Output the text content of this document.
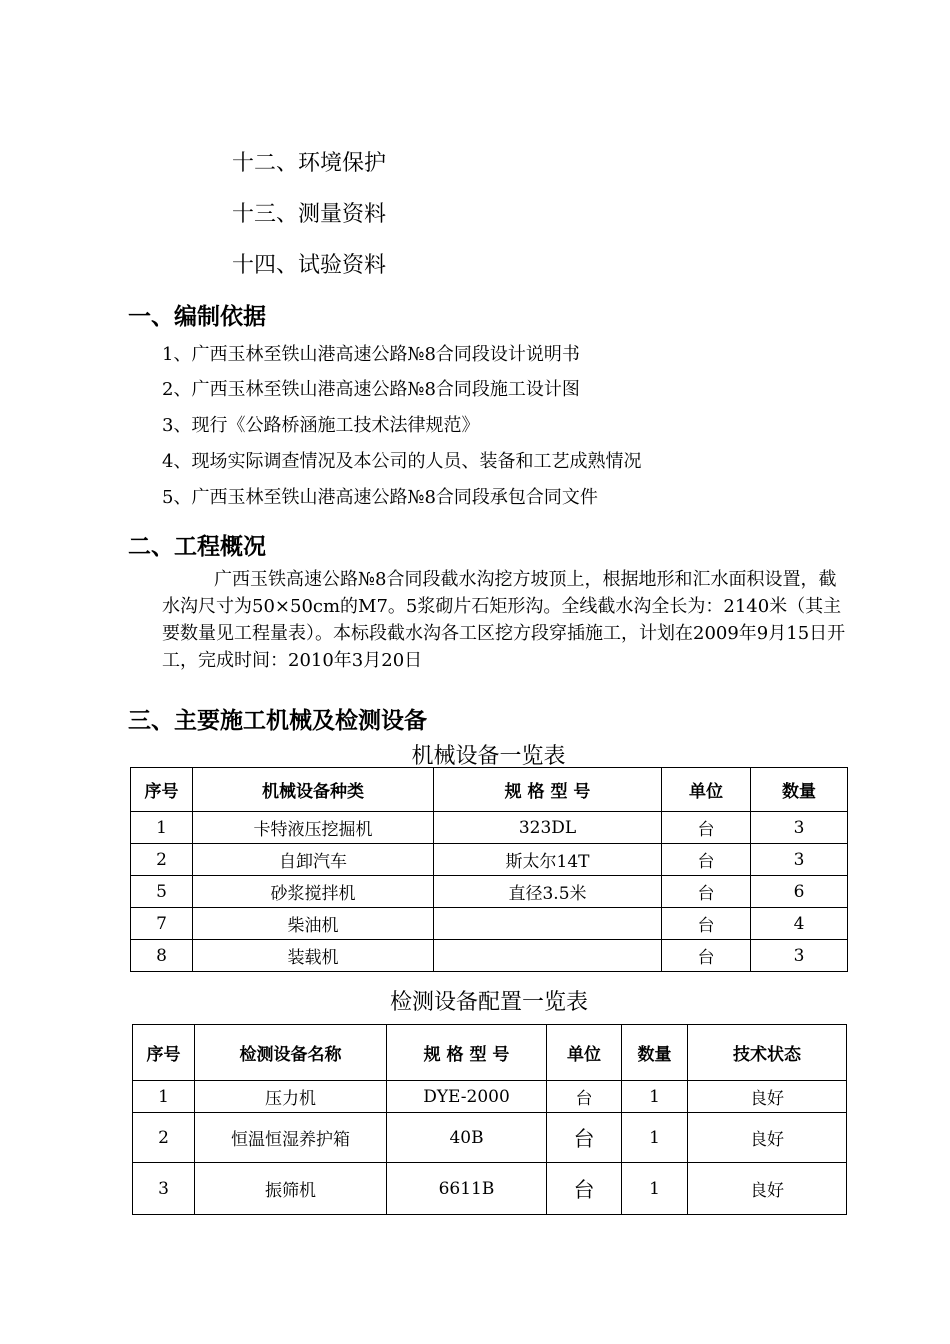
十二、环境保护
十三、测量资料
十四、试验资料
一、编制依据
1、广西玉林至铁山港高速公路№8合同段设计说明书
2、广西玉林至铁山港高速公路№8合同段施工设计图
3、现行《公路桥涵施工技术法律规范》
4、现场实际调查情况及本公司的人员、装备和工艺成熟情况
5、广西玉林至铁山港高速公路№8合同段承包合同文件
二、工程概况
广西玉铁高速公路№8合同段截水沟挖方坡顶上，根据地形和汇水面积设置，截水沟尺寸为50×50cm的M7。5浆砌片石矩形沟。全线截水沟全长为：2140米（其主要数量见工程量表）。本标段截水沟各工区挖方段穿插施工，计划在2009年9月15日开工，完成时间：2010年3月20日
三、主要施工机械及检测设备
机械设备一览表
序号	机械设备种类	规 格 型 号	单位	数量
1	卡特液压挖掘机	323DL	台	3
2	自卸汽车	斯太尔14T	台	3
5	砂浆搅拌机	直径3.5米	台	6
7	柴油机		台	4
8	装载机		台	3
检测设备配置一览表
序号	检测设备名称	规 格 型 号	单位	数量	技术状态
1	压力机	DYE-2000	台	1	良好
2	恒温恒湿养护箱	40B	台	1	良好
3	振筛机	6611B	台	1	良好
